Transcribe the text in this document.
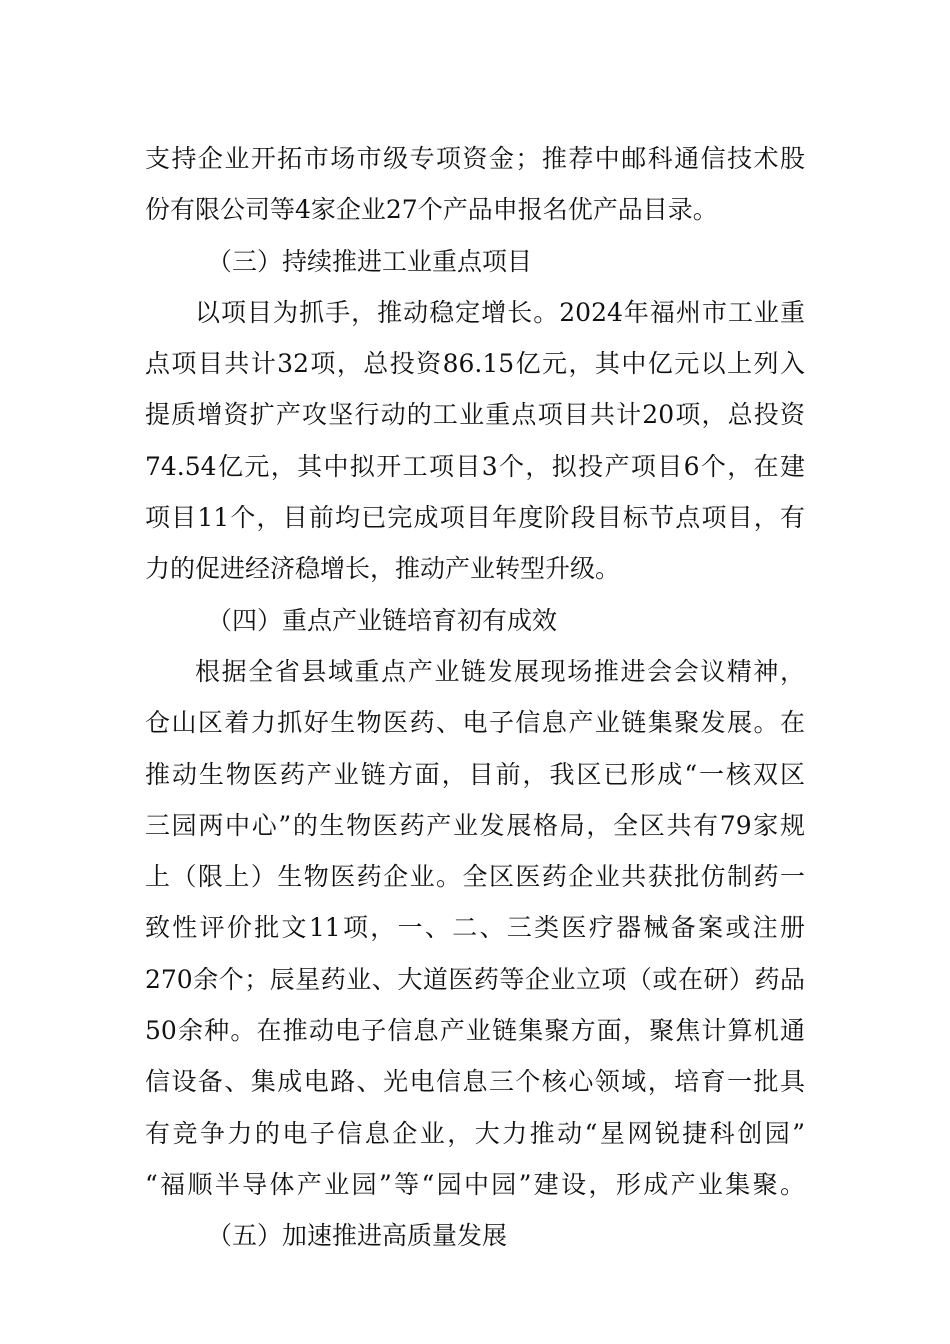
支持企业开拓市场市级专项资金；推荐中邮科通信技术股
份有限公司等4家企业27个产品申报名优产品目录。
（三）持续推进工业重点项目
以项目为抓手，推动稳定增长。2024年福州市工业重
点项目共计32项，总投资86.15亿元，其中亿元以上列入
提质增资扩产攻坚行动的工业重点项目共计20项，总投资
74.54亿元，其中拟开工项目3个，拟投产项目6个，在建
项目11个，目前均已完成项目年度阶段目标节点项目，有
力的促进经济稳增长，推动产业转型升级。
（四）重点产业链培育初有成效
根据全省县域重点产业链发展现场推进会会议精神，
仓山区着力抓好生物医药、电子信息产业链集聚发展。在
推动生物医药产业链方面，目前，我区已形成“一核双区
三园两中心”的生物医药产业发展格局，全区共有79家规
上（限上）生物医药企业。全区医药企业共获批仿制药一
致性评价批文11项，一、二、三类医疗器械备案或注册
270余个；辰星药业、大道医药等企业立项（或在研）药品
50余种。在推动电子信息产业链集聚方面，聚焦计算机通
信设备、集成电路、光电信息三个核心领域，培育一批具
有竞争力的电子信息企业，大力推动“星网锐捷科创园”
“福顺半导体产业园”等“园中园”建设，形成产业集聚。
（五）加速推进高质量发展
